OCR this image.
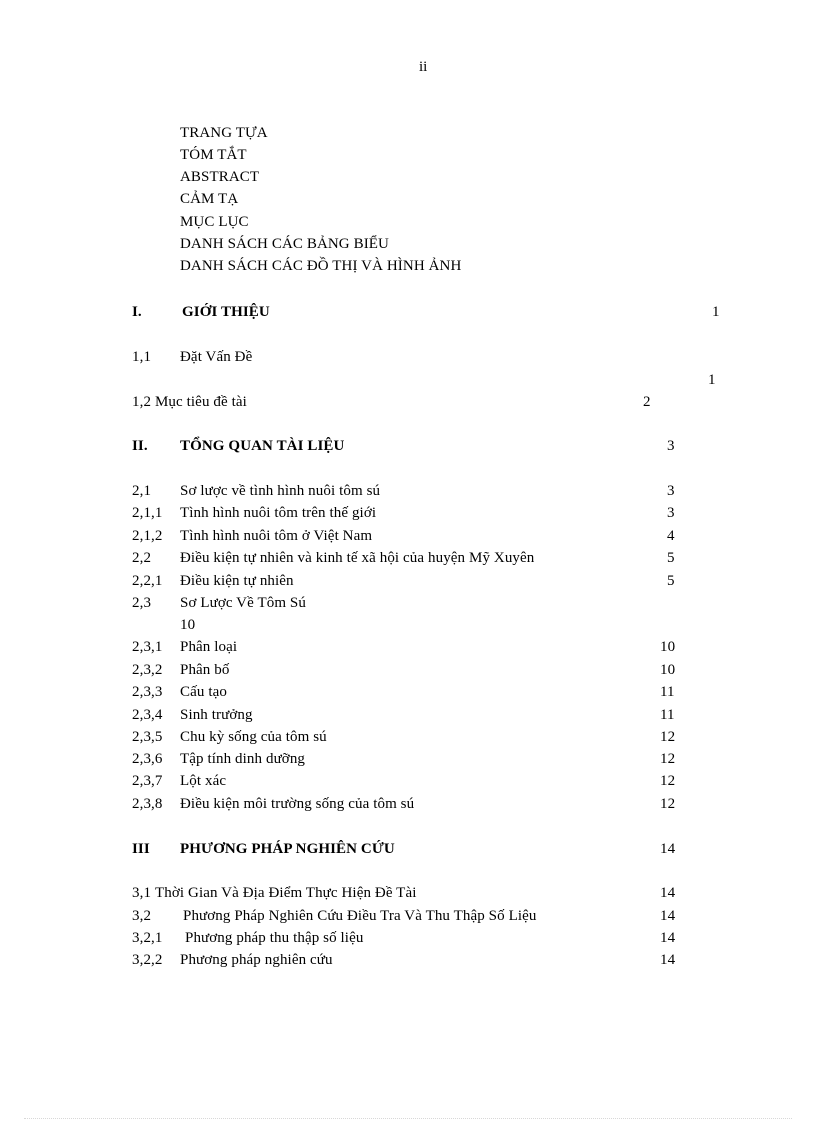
ii
TRANG TỰA
TÓM TẮT
ABSTRACT
CẢM TẠ
MỤC LỤC
DANH SÁCH CÁC BẢNG BIỂU
DANH SÁCH CÁC ĐỒ THỊ VÀ HÌNH ẢNH
I.	GIỚI THIỆU	1
1,1 Đặt Vấn Đề
1
1,2 Mục tiêu đề tài	2
II. TỔNG QUAN TÀI LIỆU	3
2,1 Sơ lược về tình hình nuôi tôm sú	3
2,1,1 Tình hình nuôi tôm trên thế giới	3
2,1,2 Tình hình nuôi tôm ở Việt Nam	4
2,2 Điều kiện tự nhiên và kinh tế xã hội của huyện Mỹ Xuyên	5
2,2,1 Điều kiện tự nhiên	5
2,3 Sơ Lược Về Tôm Sú
10
2,3,1 Phân loại	10
2,3,2 Phân bố	10
2,3,3 Cấu tạo	11
2,3,4 Sinh trưởng	11
2,3,5 Chu kỳ sống của tôm sú	12
2,3,6 Tập tính dinh dưỡng	12
2,3,7 Lột xác	12
2,3,8 Điều kiện môi trường sống của tôm sú	12
III PHƯƠNG PHÁP NGHIÊN CỨU	14
3,1 Thời Gian Và Địa Điểm Thực Hiện Đề Tài	14
3,2 Phương Pháp Nghiên Cứu Điều Tra Và Thu Thập Số Liệu	14
3,2,1 Phương pháp thu thập số liệu	14
3,2,2 Phương pháp nghiên cứu	14
